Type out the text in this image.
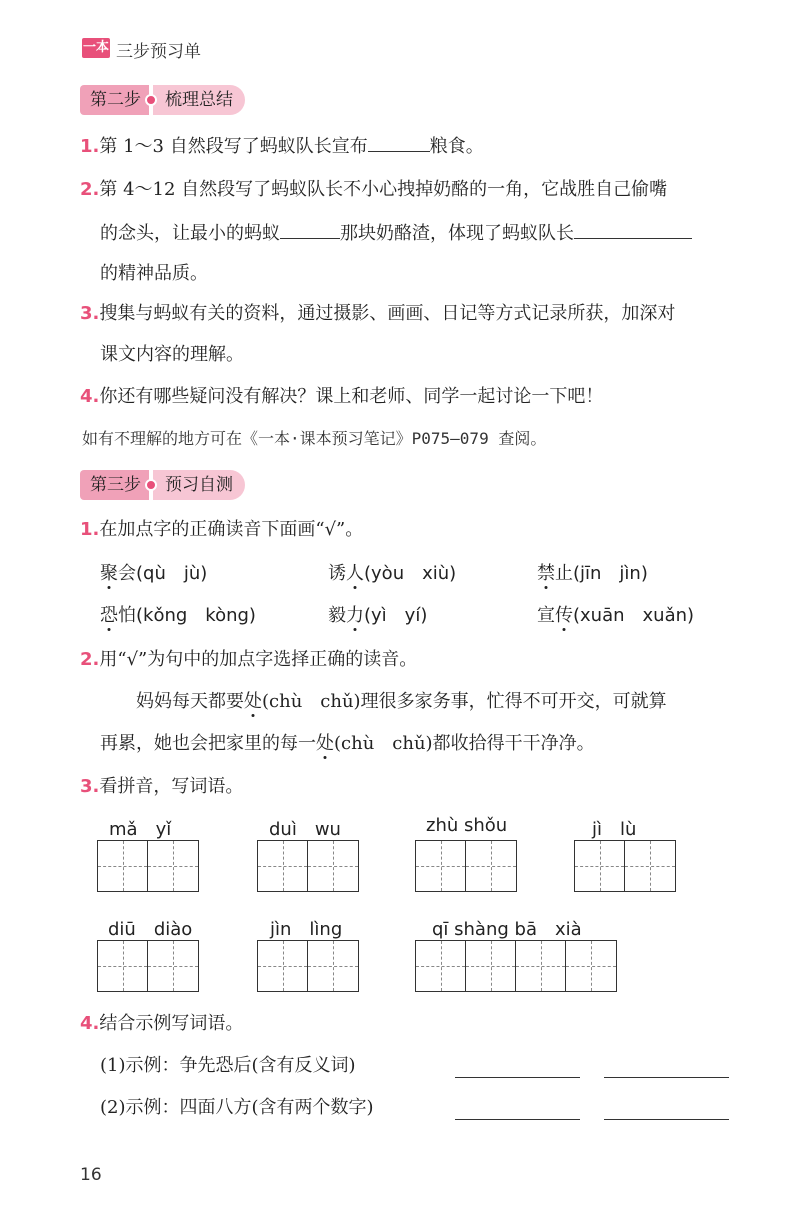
一本 三步预习单
第二步	梳理总结
1.第 1～3 自然段写了蚂蚁队长宣布	粮食。
2.第 4～12 自然段写了蚂蚁队长不小心拽掉奶酪的一角，它战胜自己偷嘴
的念头，让最小的蚂蚁	那块奶酪渣，体现了蚂蚁队长
的精神品质。
3.搜集与蚂蚁有关的资料，通过摄影、画画、日记等方式记录所获，加深对
课文内容的理解。
4.你还有哪些疑问没有解决？课上和老师、同学一起讨论一下吧！
如有不理解的地方可在《一本·课本预习笔记》P075—079 查阅。
第三步	预习自测
1.在加点字的正确读音下面画“√”。
聚会(qù　jù)	诱人(yòu　xiù)	禁止(jīn　jìn)
恐怕(kǒng　kòng)	毅力(yì　yí)	宣传(xuān　xuǎn)
2.用“√”为句中的加点字选择正确的读音。
妈妈每天都要处(chù　chǔ)理很多家务事，忙得不可开交，可就算
再累，她也会把家里的每一处(chù　chǔ)都收拾得干干净净。
3.看拼音，写词语。
mǎ　yǐ	duì　wu	zhù shǒu	jì　lù
diū　diào	jìn　lìng	qī shàng bā　xià
4.结合示例写词语。
(1)示例：争先恐后(含有反义词)
(2)示例：四面八方(含有两个数字)
16
